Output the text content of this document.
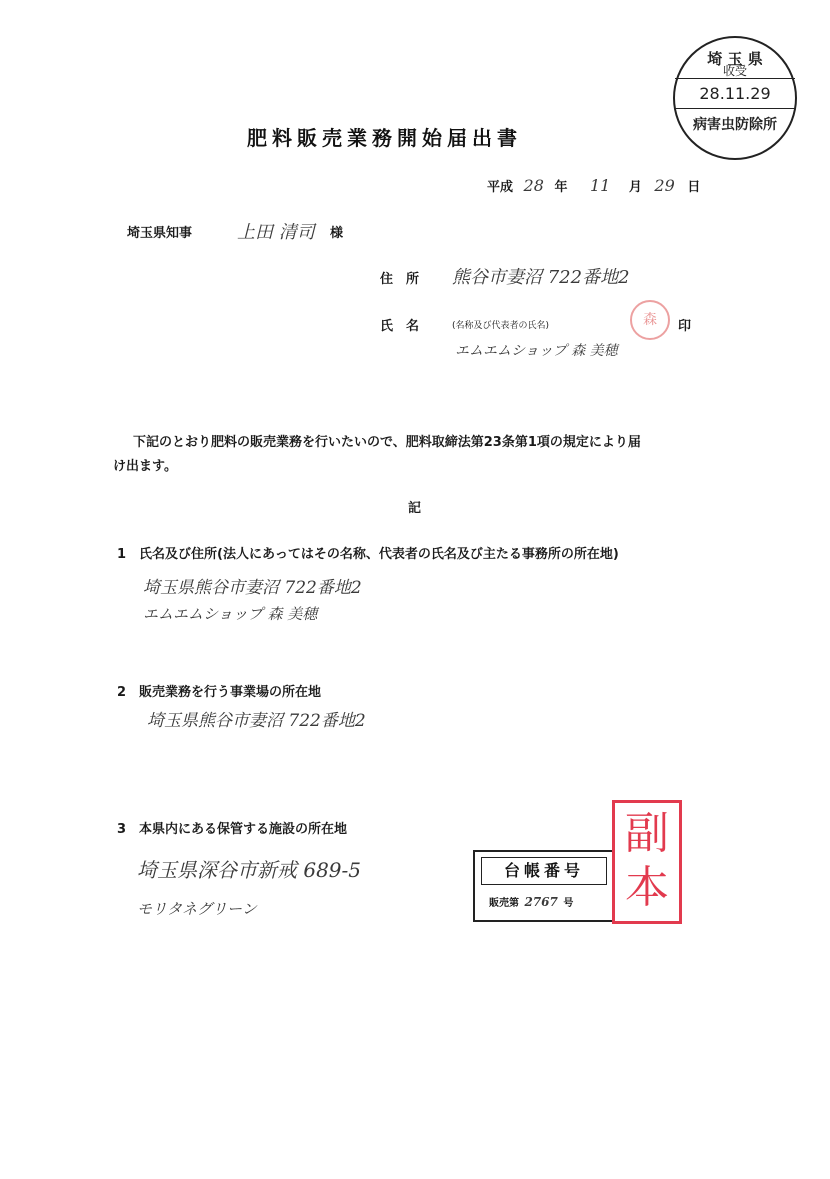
埼 玉 県
收受
28.11.29
病害虫防除所
肥料販売業務開始届出書
平成 28 年 11 月 29 日
埼玉県知事 上田 清司 様
住　所 熊谷市妻沼 722番地2
氏　名	(名称及び代表者の氏名)	森	印
エムエムショップ 森 美穂
下記のとおり肥料の販売業務を行いたいので、肥料取締法第23条第1項の規定により届
け出ます。
記
1　氏名及び住所(法人にあってはその名称、代表者の氏名及び主たる事務所の所在地)
埼玉県熊谷市妻沼 722番地2
エムエムショップ 森 美穂
2　販売業務を行う事業場の所在地
埼玉県熊谷市妻沼 722番地2
3　本県内にある保管する施設の所在地
埼玉県深谷市新戒 689-5
モリタネグリーン
台帳番号
販売第 2767 号
副本
